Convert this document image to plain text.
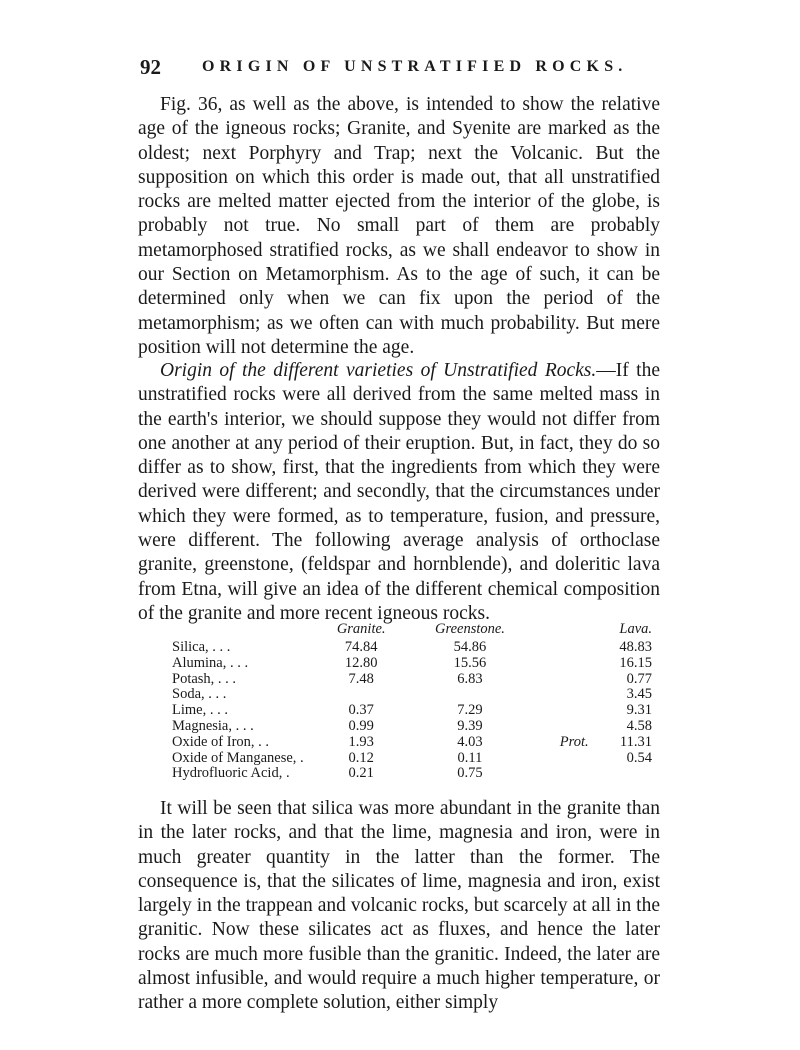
92	ORIGIN OF UNSTRATIFIED ROCKS.

Fig. 36, as well as the above, is intended to show the relative age of the igneous rocks; Granite, and Syenite are marked as the oldest; next Porphyry and Trap; next the Volcanic. But the supposition on which this order is made out, that all unstratified rocks are melted matter ejected from the interior of the globe, is probably not true. No small part of them are probably metamorphosed stratified rocks, as we shall endeavor to show in our Section on Metamorphism. As to the age of such, it can be determined only when we can fix upon the period of the metamorphism; as we often can with much probability. But mere position will not determine the age.

Origin of the different varieties of Unstratified Rocks.—If the unstratified rocks were all derived from the same melted mass in the earth's interior, we should suppose they would not differ from one another at any period of their eruption. But, in fact, they do so differ as to show, first, that the ingredients from which they were derived were different; and secondly, that the circumstances under which they were formed, as to temperature, fusion, and pressure, were different. The following average analysis of orthoclase granite, greenstone, (feldspar and hornblende), and doleritic lava from Etna, will give an idea of the different chemical composition of the granite and more recent igneous rocks.

	Granite.	Greenstone.		Lava.
Silica, . . .	74.84	54.86		48.83
Alumina, . . .	12.80	15.56		16.15
Potash, . . .	7.48	6.83		0.77
Soda, . . .				3.45
Lime, . . .	0.37	7.29		9.31
Magnesia, . . .	0.99	9.39		4.58
Oxide of Iron, . .	1.93	4.03	Prot.	11.31
Oxide of Manganese, .	0.12	0.11		0.54
Hydrofluoric Acid, .	0.21	0.75		

It will be seen that silica was more abundant in the granite than in the later rocks, and that the lime, magnesia and iron, were in much greater quantity in the latter than the former. The consequence is, that the silicates of lime, magnesia and iron, exist largely in the trappean and volcanic rocks, but scarcely at all in the granitic. Now these silicates act as fluxes, and hence the later rocks are much more fusible than the granitic. Indeed, the later are almost infusible, and would require a much higher temperature, or rather a more complete solution, either simply
